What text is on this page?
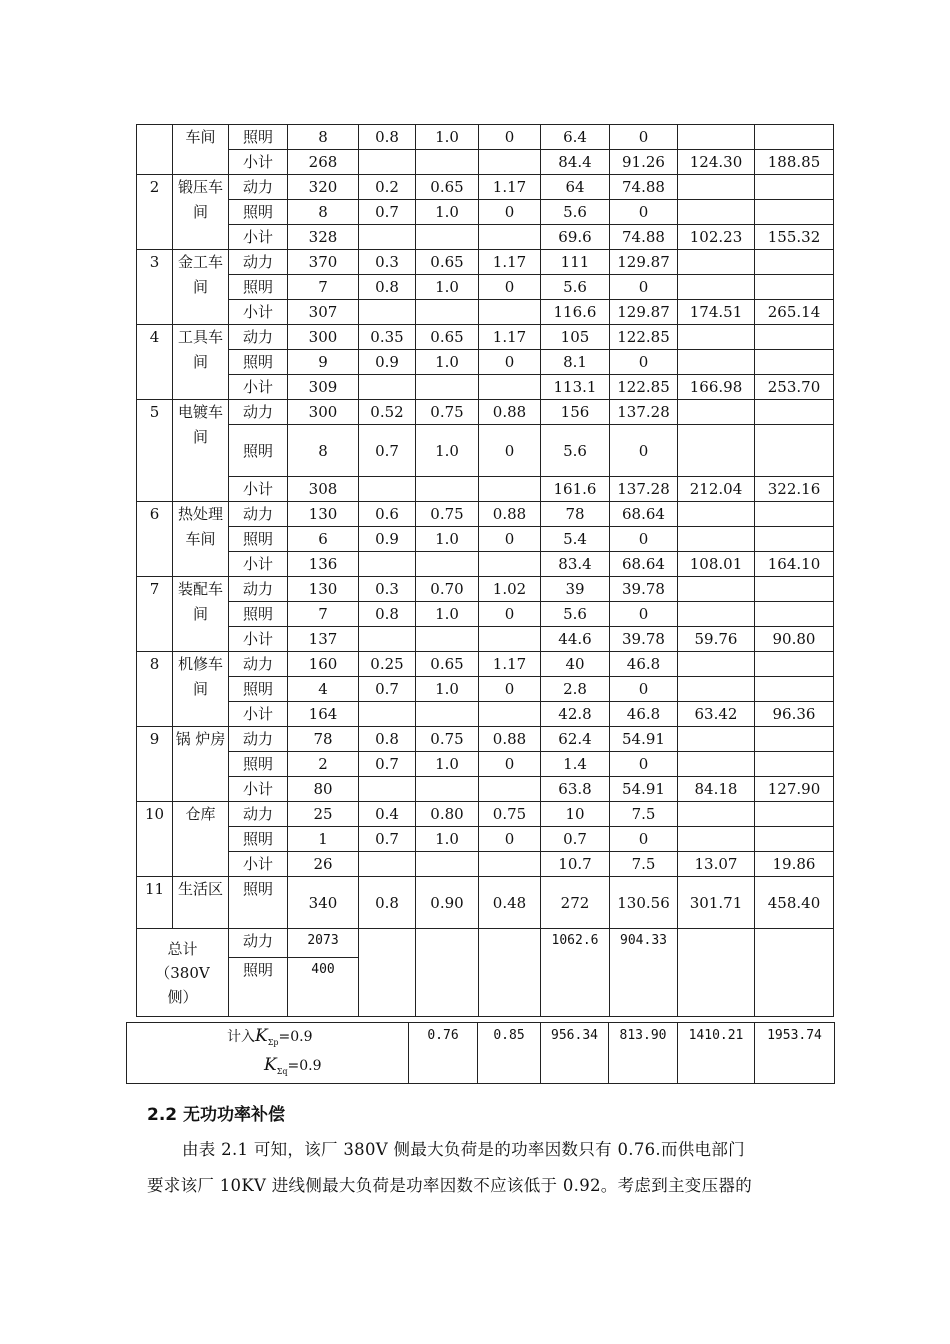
	车间	照明	8	0.8	1.0	0	6.4	0		
		小计	268				84.4	91.26	124.30	188.85
2	锻压车间	动力	320	0.2	0.65	1.17	64	74.88		
		照明	8	0.7	1.0	0	5.6	0		
		小计	328				69.6	74.88	102.23	155.32
3	金工车间	动力	370	0.3	0.65	1.17	111	129.87		
		照明	7	0.8	1.0	0	5.6	0		
		小计	307				116.6	129.87	174.51	265.14
4	工具车间	动力	300	0.35	0.65	1.17	105	122.85		
		照明	9	0.9	1.0	0	8.1	0		
		小计	309				113.1	122.85	166.98	253.70
5	电镀车间	动力	300	0.52	0.75	0.88	156	137.28		
		照明	8	0.7	1.0	0	5.6	0		
		小计	308				161.6	137.28	212.04	322.16
6	热处理车间	动力	130	0.6	0.75	0.88	78	68.64		
		照明	6	0.9	1.0	0	5.4	0		
		小计	136				83.4	68.64	108.01	164.10
7	装配车间	动力	130	0.3	0.70	1.02	39	39.78		
		照明	7	0.8	1.0	0	5.6	0		
		小计	137				44.6	39.78	59.76	90.80
8	机修车间	动力	160	0.25	0.65	1.17	40	46.8		
		照明	4	0.7	1.0	0	2.8	0		
		小计	164				42.8	46.8	63.42	96.36
9	锅 炉房	动力	78	0.8	0.75	0.88	62.4	54.91		
		照明	2	0.7	1.0	0	1.4	0		
		小计	80				63.8	54.91	84.18	127.90
10	仓库	动力	25	0.4	0.80	0.75	10	7.5		
		照明	1	0.7	1.0	0	0.7	0		
		小计	26				10.7	7.5	13.07	19.86
11	生活区	照明	340	0.8	0.90	0.48	272	130.56	301.71	458.40
总计（380V侧）		动力	2073				1062.6	904.33		
		照明	400							
计入$K_{\Sigma p}=0.9$
$K_{\Sigma q}=0.9$
	0.76	0.85	956.34	813.90	1410.21	1953.74
2.2 无功功率补偿

由表 2.1 可知，该厂 380V 侧最大负荷是的功率因数只有 0.76.而供电部门

要求该厂 10KV 进线侧最大负荷是功率因数不应该低于 0.92。考虑到主变压器的
